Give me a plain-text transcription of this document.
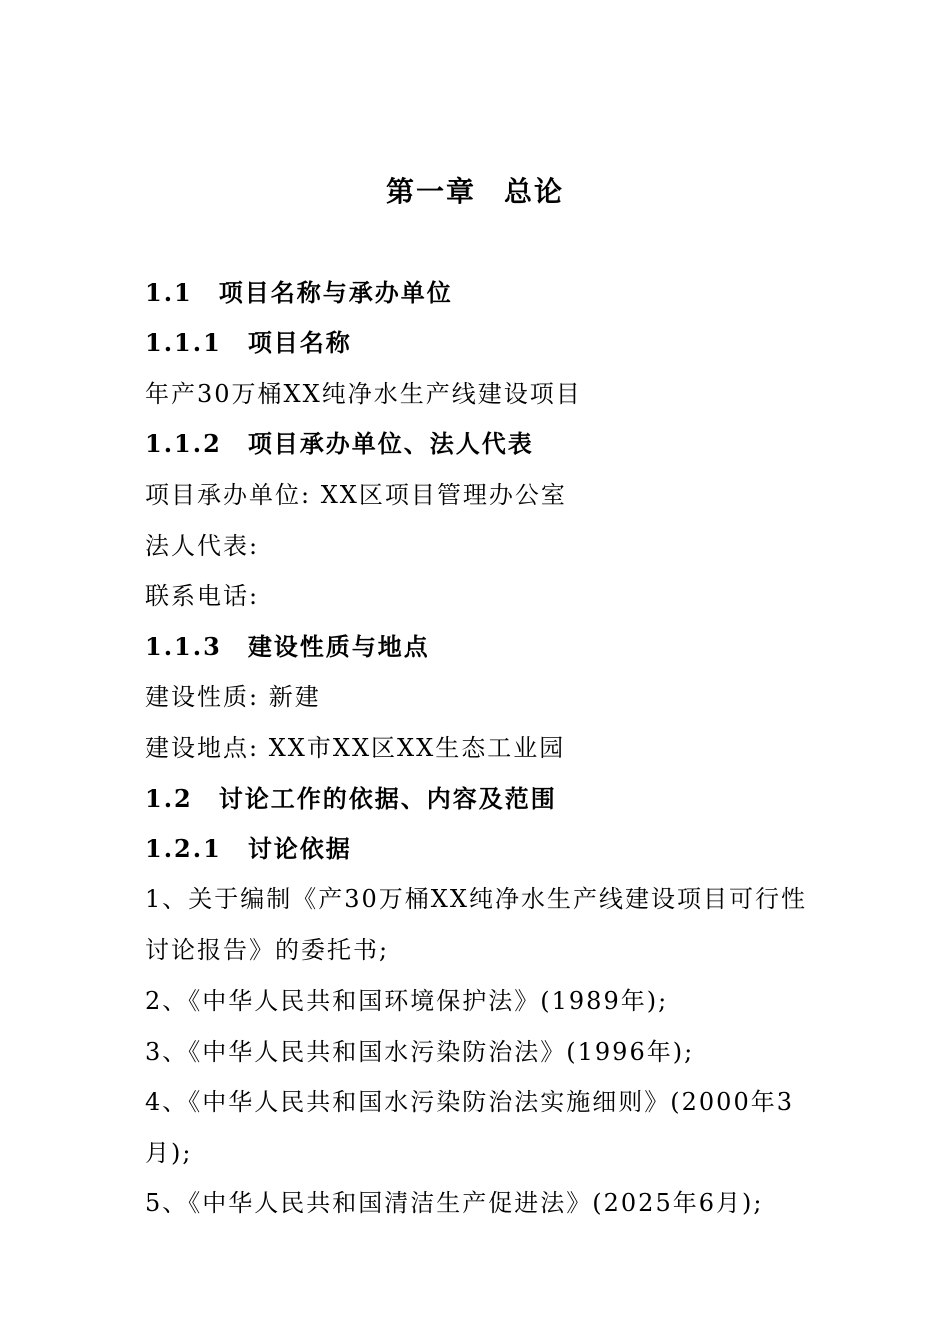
第一章 总论
1.1 项目名称与承办单位
1.1.1 项目名称
年产30万桶XX纯净水生产线建设项目
1.1.2 项目承办单位、法人代表
项目承办单位: XX区项目管理办公室
法人代表:
联系电话:
1.1.3 建设性质与地点
建设性质: 新建
建设地点: XX市XX区XX生态工业园
1.2 讨论工作的依据、内容及范围
1.2.1 讨论依据
1、关于编制《产30万桶XX纯净水生产线建设项目可行性
讨论报告》的委托书;
2、《中华人民共和国环境保护法》(1989年);
3、《中华人民共和国水污染防治法》(1996年);
4、《中华人民共和国水污染防治法实施细则》(2000年3
月);
5、《中华人民共和国清洁生产促进法》(2025年6月);
